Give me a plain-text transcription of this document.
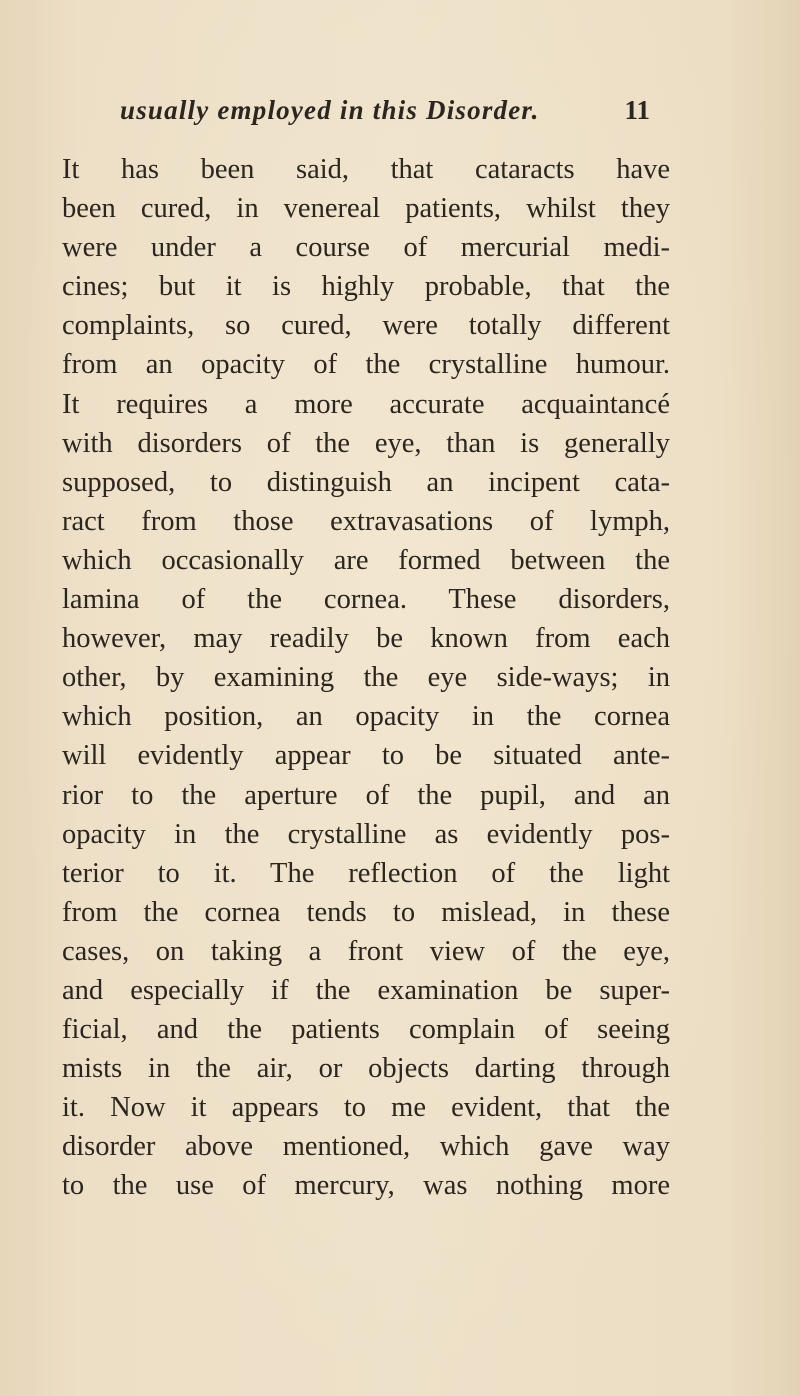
usually employed in this Disorder.	11
It has been said, that cataracts have
been cured, in venereal patients, whilst they
were under a course of mercurial medi-
cines; but it is highly probable, that the
complaints, so cured, were totally different
from an opacity of the crystalline humour.
It requires a more accurate acquaintancé
with disorders of the eye, than is generally
supposed, to distinguish an incipent cata-
ract from those extravasations of lymph,
which occasionally are formed between the
lamina of the cornea. These disorders,
however, may readily be known from each
other, by examining the eye side-ways; in
which position, an opacity in the cornea
will evidently appear to be situated ante-
rior to the aperture of the pupil, and an
opacity in the crystalline as evidently pos-
terior to it. The reflection of the light
from the cornea tends to mislead, in these
cases, on taking a front view of the eye,
and especially if the examination be super-
ficial, and the patients complain of seeing
mists in the air, or objects darting through
it. Now it appears to me evident, that the
disorder above mentioned, which gave way
to the use of mercury, was nothing more
